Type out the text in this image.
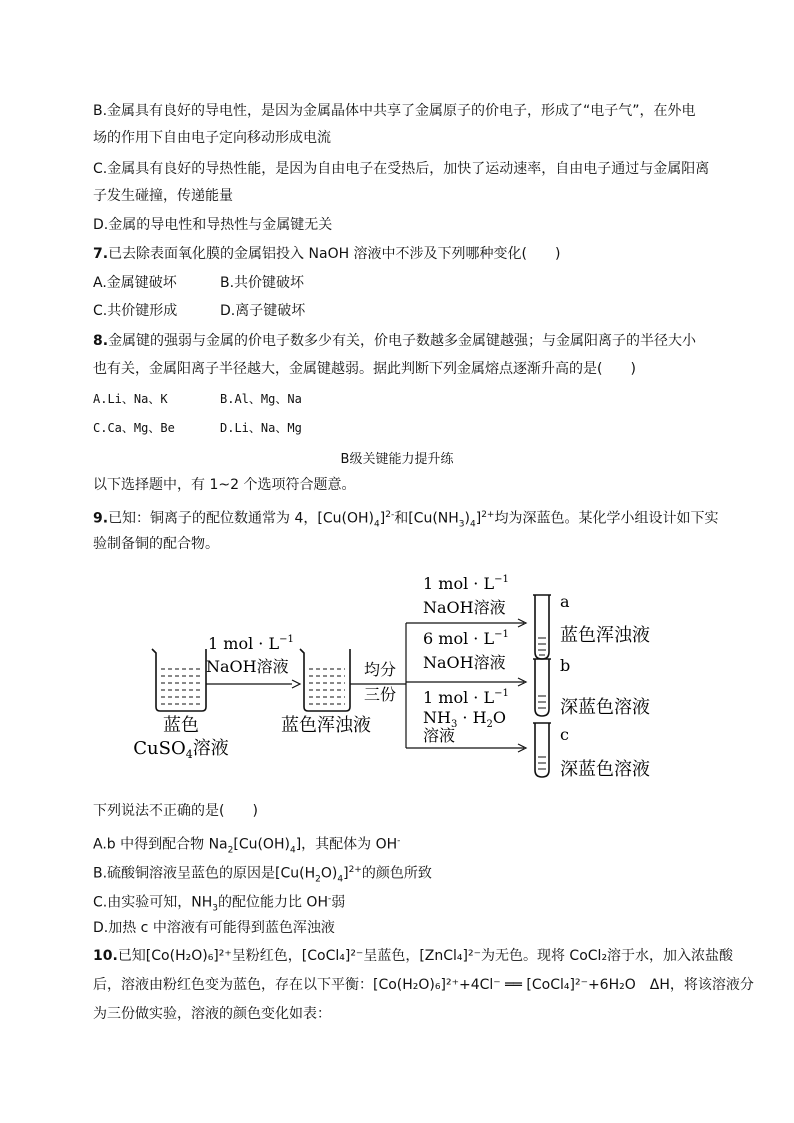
B.金属具有良好的导电性，是因为金属晶体中共享了金属原子的价电子，形成了“电子气”，在外电
场的作用下自由电子定向移动形成电流
C.金属具有良好的导热性能，是因为自由电子在受热后，加快了运动速率，自由电子通过与金属阳离
子发生碰撞，传递能量
D.金属的导电性和导热性与金属键无关
7.已去除表面氧化膜的金属铝投入 NaOH 溶液中不涉及下列哪种变化(　　)
A.金属键破坏	B.共价键破坏
C.共价键形成	D.离子键破坏
8.金属键的强弱与金属的价电子数多少有关，价电子数越多金属键越强；与金属阳离子的半径大小
也有关，金属阳离子半径越大，金属键越弱。据此判断下列金属熔点逐渐升高的是(　　)
A.Li、Na、K	B.Al、Mg、Na
C.Ca、Mg、Be	D.Li、Na、Mg
B级关键能力提升练
以下选择题中，有 1~2 个选项符合题意。
9.已知：铜离子的配位数通常为 4，$[Cu(OH)_4]^{2-}$和$[Cu(NH_3)_4]^{2+}$均为深蓝色。某化学小组设计如下实
验制备铜的配合物。
蓝色
CuSO$_4$溶液
1 mol · $L^{-1}$
NaOH溶液
蓝色浑浊液
均分
三份
1 mol · $L^{-1}$
NaOH溶液
6 mol · $L^{-1}$
NaOH溶液
1 mol · $L^{-1}$
$NH_3 \cdot H_2O$
溶液
a
蓝色浑浊液
b
深蓝色溶液
c
深蓝色溶液
下列说法不正确的是(　　)
A.b 中得到配合物 $Na_2[Cu(OH)_4]$，其配体为 OH-
B.硫酸铜溶液呈蓝色的原因是$[Cu(H_2O)_4]^{2+}$的颜色所致
C.由实验可知，$NH_3$的配位能力比 OH-弱
D.加热 c 中溶液有可能得到蓝色浑浊液
10.已知[Co(H₂O)₆]²⁺呈粉红色，[CoCl₄]²⁻呈蓝色，[ZnCl₄]²⁻为无色。现将 CoCl₂溶于水，加入浓盐酸
后，溶液由粉红色变为蓝色，存在以下平衡：[Co(H₂O)₆]²⁺+4Cl⁻ ══ [CoCl₄]²⁻+6H₂O　ΔH，将该溶液分
为三份做实验，溶液的颜色变化如表：
